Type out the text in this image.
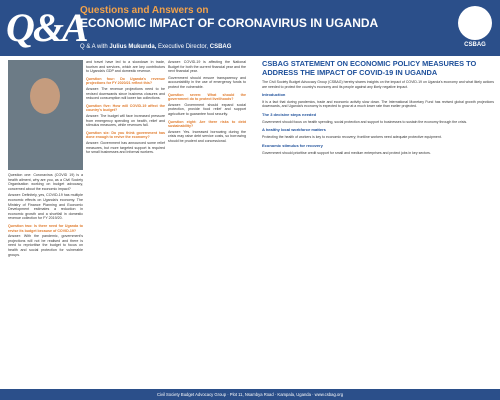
Q&A
Questions and Answers on
ECONOMIC IMPACT OF CORONAVIRUS IN UGANDA
Q & A with Julius Mukunda, Executive Director, CSBAG	CSBAG
Question one: Coronavirus (COVID 19) is a health ailment, why are you, as a Civil Society Organisation working on budget advocacy, concerned about the economic impact?
Answer: Definitely, yes, COVID-19 has multiple economic effects on Uganda's economy. The Ministry of Finance Planning and Economic Development estimates a reduction in economic growth and a shortfall in domestic revenue collection for FY 2019/20.
Question two: Is there need for Uganda to revise its budget because of COVID-19?
Answer: With the pandemic, government's projections will not be realised and there is need to reprioritise the budget to focus on health and social protection for vulnerable groups.
and travel have led to a slowdown in trade, tourism and services, which are key contributors to Uganda's GDP and domestic revenue.
Question four: Do Uganda's revenue projections for FY 2020/21 reflect this?
Answer: The revenue projections need to be revised downwards since business closures and reduced consumption will lower tax collections.
Question five: How will COVID-19 affect the country's budget?
Answer: The budget will face increased pressure from emergency spending on health, relief and stimulus measures, while revenues fall.
Question six: Do you think government has done enough to revive the economy?
Answer: Government has announced some relief measures, but more targeted support is required for small businesses and informal workers.
Answer: COVID-19 is affecting the National Budget for both the current financial year and the next financial year.
Government should ensure transparency and accountability in the use of emergency funds to protect the vulnerable.
Question seven: What should the government do to protect livelihoods?
Answer: Government should expand social protection, provide food relief and support agriculture to guarantee food security.
Question eight: Are there risks to debt sustainability?
Answer: Yes. Increased borrowing during the crisis may raise debt service costs, so borrowing should be prudent and concessional.
CSBAG STATEMENT ON ECONOMIC POLICY MEASURES TO ADDRESS THE IMPACT OF COVID-19 IN UGANDA
The Civil Society Budget Advocacy Group (CSBAG) hereby shares insights on the impact of COVID-19 on Uganda's economy and what likely actions are needed to protect the country's economy and its people against any likely negative impact.
Introduction
It is a fact that during pandemics, trade and economic activity slow down. The International Monetary Fund has revised global growth projections downwards, and Uganda's economy is expected to grow at a much lower rate than earlier projected.
The 3 decisive steps needed
Government should focus on health spending, social protection and support to businesses to sustain the economy through the crisis.
A healthy local workforce matters
Protecting the health of workers is key to economic recovery; frontline workers need adequate protective equipment.
Economic stimulus for recovery
Government should prioritise credit support for small and medium enterprises and protect jobs in key sectors.
Civil Society Budget Advocacy Group · Plot 11, Nsambya Road · Kampala, Uganda · www.csbag.org
